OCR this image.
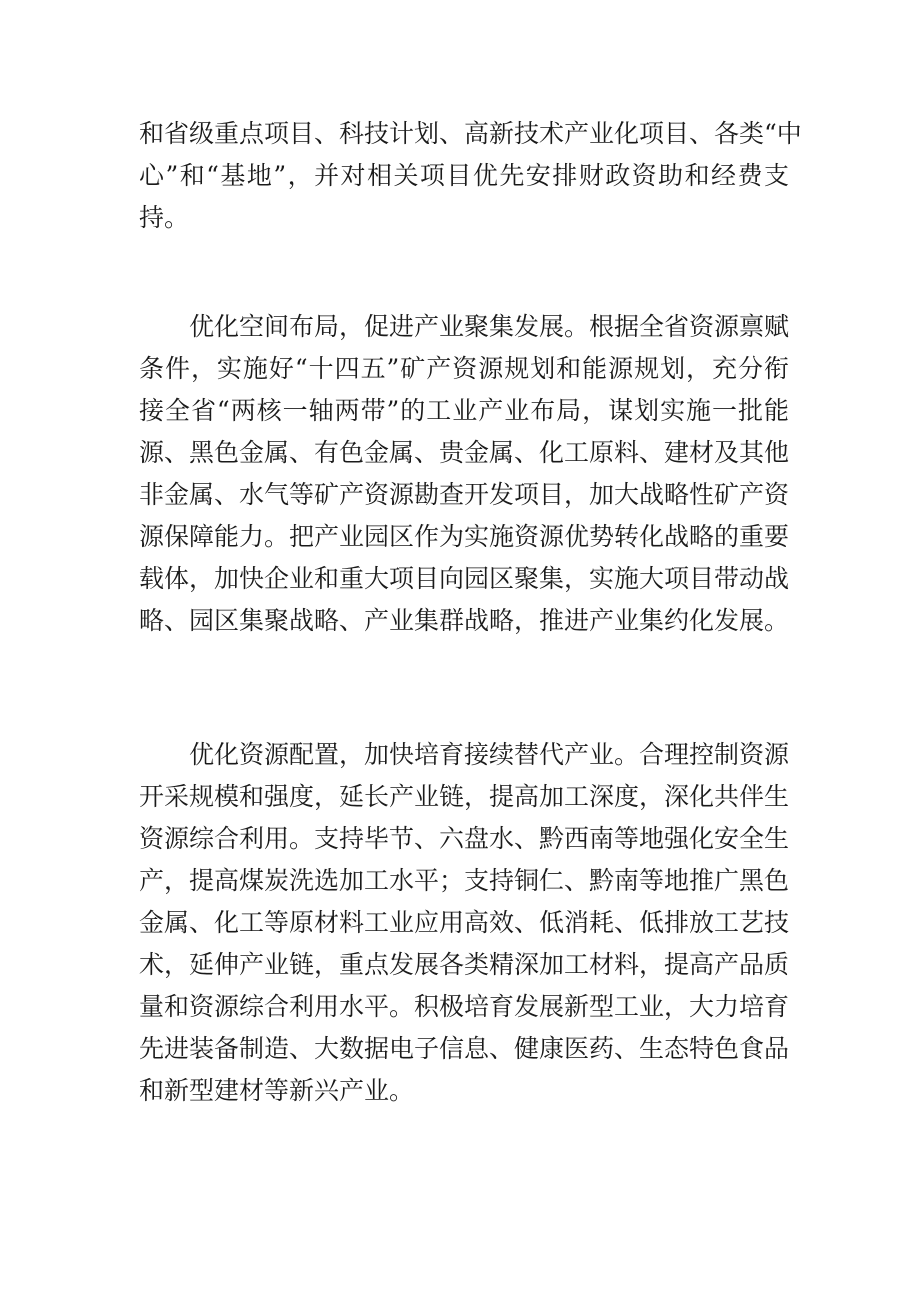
和省级重点项目、科技计划、高新技术产业化项目、各类“中
心”和“基地”，并对相关项目优先安排财政资助和经费支
持。
　　优化空间布局，促进产业聚集发展。根据全省资源禀赋
条件，实施好“十四五”矿产资源规划和能源规划，充分衔
接全省“两核一轴两带”的工业产业布局，谋划实施一批能
源、黑色金属、有色金属、贵金属、化工原料、建材及其他
非金属、水气等矿产资源勘查开发项目，加大战略性矿产资
源保障能力。把产业园区作为实施资源优势转化战略的重要
载体，加快企业和重大项目向园区聚集，实施大项目带动战
略、园区集聚战略、产业集群战略，推进产业集约化发展。
　　优化资源配置，加快培育接续替代产业。合理控制资源
开采规模和强度，延长产业链，提高加工深度，深化共伴生
资源综合利用。支持毕节、六盘水、黔西南等地强化安全生
产，提高煤炭洗选加工水平；支持铜仁、黔南等地推广黑色
金属、化工等原材料工业应用高效、低消耗、低排放工艺技
术，延伸产业链，重点发展各类精深加工材料，提高产品质
量和资源综合利用水平。积极培育发展新型工业，大力培育
先进装备制造、大数据电子信息、健康医药、生态特色食品
和新型建材等新兴产业。
